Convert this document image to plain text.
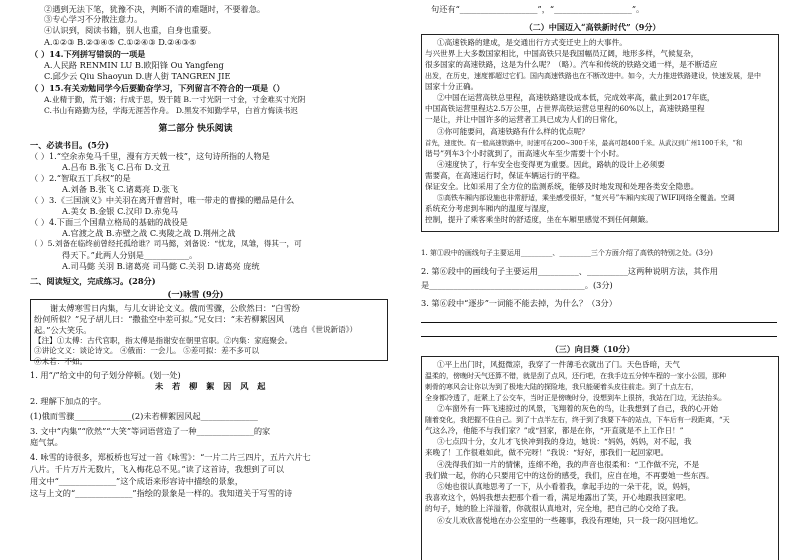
②遇到无法下笔，犹豫不决，判断不清的难题时，不要着急。
③专心学习不分散注意力。
④认识到，阅读书籍，别人也重，自身也重要。
A.①②③ B.②③④⑤ C.①②④③ D.②④③⑤
（ ）14.下列拼写错误的一项是
A.人民路 RENMIN LU B.欧阳锋 Ou Yangfeng
C.邱少云 Qiu Shaoyun D.唐人街 TANGREN JIE
（ ）15.有关劝勉同学今后要勤奋学习，下列留言不符合的一项是（）
A.业精于勤，荒于嬉；行成于思，毁于随 B.一寸光阴一寸金，寸金难买寸光阴
C.书山有路勤为径，学海无涯苦作舟。 D.黑发不知勤学早，白首方悔读书迟
第二部分 快乐阅读
一、必读书目。(5分)
（ ）1.“空余赤兔马千里，漫有方天戟一枝”，这句诗所指的人物是
A.吕布 B.张飞 C.吕布 D.文丑
（ ）2.“智取五丁兵权”的是
A.刘备 B.张飞 C.诸葛亮 D.张飞
（ ）3.《三国演义》中关羽在离开曹营时，唯一带走的曹操的赠品是什么
A.美女 B.金银 C.汉印 D.赤兔马
（ ）4.下面三个国鼎立格局的基础的战役是
A.官渡之战 B.赤壁之战 C.夷陵之战 D.荆州之战
（ ）5.刘备在临终前曾经托孤给谁？司马懿，刘备说：“忧龙，凤雏，得其一，可
得天下。”此两人分别是___________。
A.司马懿 关羽 B.诸葛亮 司马懿 C.关羽 D.诸葛亮 庞统
二、阅读短文，完成练习。(28分)
(一)咏雪 (9分)
谢太傅寒雪日内集，与儿女讲论文义。俄而雪骤，公欣然曰：“白雪纷
纷何所似？”兄子胡儿曰：“撒盐空中差可拟。”兄女曰：“未若柳絮因风
起。”公大笑乐。	（选自《世说新语》）
【注】①太傅：古代官职，指太傅是指谢安在朝里官职。②内集：家庭聚会。
③讲论文义：谈论诗文。 ④俄而：一会儿。 ⑤差可拟：差不多可以
⑥未若：不如。
1. 用“/”给文中的句子划分停顿。(划一处)
未 若 柳 絮 因 风 起
2. 理解下加点的字。
(1)俄而雪骤______________(2)未若柳絮因风起______________
3. 文中“内集”“欣然”“大笑”等词语营造了一种______________的家
庭气氛。
4. 咏雪的诗很多，郑板桥也写过一首《咏雪》：“一片二片三四片，五片六片七
八片。千片万片无数片，飞入梅花总不见。”读了这首诗，我想到了可以
用文中“______________”这个成语来形容诗中描绘的景象，
这与上文的“______________”指绘的景象是一样的。我知道关于写雪的诗
句还有“___________________”，“___________________”。
（二）中国迈入“高铁新时代”（9分）
①高速铁路的建成，是交通出行方式变迁史上的大事件。
与兴世界上大多数国家相比，中国高铁只是我国幅员辽阔，地形多样，气候复杂，
很多国家的高速铁路，这是为什么呢？（略）。汽车和传统的铁路交通一样，是不断适应
出发，在历史，速度都超过它们。国内高速铁路也在不断改进中。如今，大力推进铁路建设，快速发展，是中
国家十分正确。
②中国在运营高铁总里程，高速铁路建设成本低，完成效率高，截止到2017年底，
中国高铁运营里程达2.5万公里，占世界高铁运营总里程的60%以上，高速铁路里程
一是让，并让中国许多的运营者工具已成为人们的日常化，
③你可能要问，高速铁路有什么样的优点呢？
首先，速度快。有一般高速铁路中，时速可在200~300千米，最高可超400千米。从武汉到广州1100千米，“和
谐号”列车3个小时就到了，而高速火车至少需要十个小时。
④速度快了，行车安全也变得更为重要。因此，路轨的设计上必须要
需要高，在高速运行时，保证车辆运行的平稳。
保证安全。比如采用了全方位的监测系统，能够及时地发现和处理各类安全隐患。
⑤高铁车厢内部设施也非常舒适，乘坐感受很好，“复兴号”车厢内实现了WIFI网络全覆盖。空调
系统充分考虑到车厢内的温度与湿度，
控制，提升了乘客乘坐时的舒适度，坐在车厢里感觉不到任何颠簸。
1. 第①段中的画线句子主要运用_________、_________三个方面介绍了高铁的特别之处。(3分)
2. 第⑥段中的画线句子主要运用__________、__________这两种说明方法，其作用
是______________________________________。(3分)
3. 第⑥段中“逐步”一词能不能去掉，为什么？（3分）
（三）向日葵（10分）
①平上出门时，风挺微凉，我穿了一件薄毛衣就出了门。天色昏暗，天气
温柔的，傍晚时天气还算不错，就是刮了点风，还行吧，在我手边五分钟车程的一家小公园，那种
刺骨的寒风会让你以为到了极地大陆的探险地，我只能硬着头皮往前走。到了十点左右，
全身都冷透了，赶紧上了公交车，当时正是傍晚时分，没想到车上很挤，我站在门边，无法抬头。
②车窗外有一阵飞速掠过的风景，飞翔着的灰色的鸟，让我想到了自己，我的心开始
随着变化，我把握不住自己。到了十点半左右，终于到了我要下车的站点，下车后有一段距离，“天
气这么冷，他能不与我们家？”或“回家，都是在你，“开直就是不上工作日！”
③七点四十分，女儿才飞快冲到我的身边，她说：“妈妈，妈妈，对不起，我
来晚了！工作很难如此，做不完呀！”我说：“好好，那我们一起回家吧。
④洗得我们如一片的情愫，连绵不绝，我的声音也很柔和：“工作做不完，不是
我们做一起，你的心只要用它中的这份的感受，我们，应自在地，不再要她一些东西。
⑤她也很认真地思考了一下，从小看着我，拿起手边的一朵干花，说，妈妈，
我喜欢这个，妈妈我想去把那个看一看，满足地露出了笑，开心地跟我回家吧。
的句子，她的脸上洋溢着，你就很认真地对，完全地，把自己的心交给了我。
⑥女儿欢欣喜悦地在办公室里的一些趣事，我没有理她，只一段一段闪回地忆。
